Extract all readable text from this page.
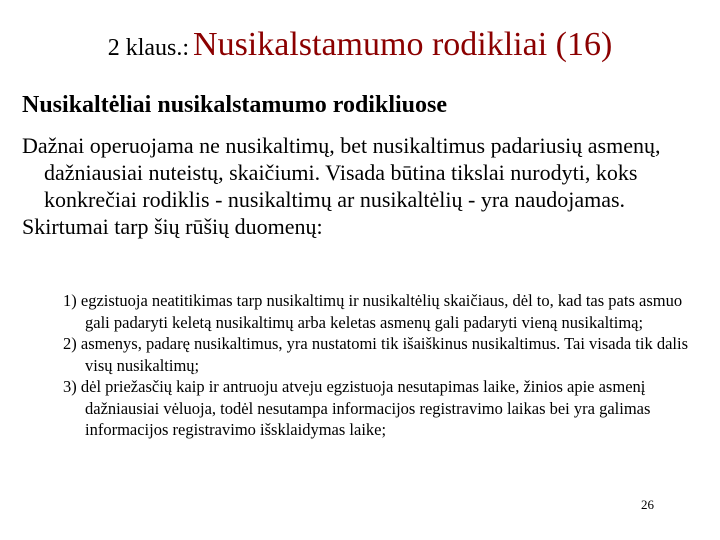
2 klaus.: Nusikalstamumo rodikliai (16)
Nusikaltėliai nusikalstamumo rodikliuose

Dažnai operuojama ne nusikaltimų, bet nusikaltimus padariusių asmenų, dažniausiai nuteistų, skaičiumi. Visada būtina tikslai nurodyti, koks konkrečiai rodiklis - nusikaltimų ar nusikaltėlių - yra naudojamas.

Skirtumai tarp šių rūšių duomenų:

1) egzistuoja neatitikimas tarp nusikaltimų ir nusikaltėlių skaičiaus, dėl to, kad tas pats asmuo gali padaryti keletą nusikaltimų arba keletas asmenų gali padaryti vieną nusikaltimą;

2) asmenys, padarę nusikaltimus, yra nustatomi tik išaiškinus nusikaltimus. Tai visada tik dalis visų nusikaltimų;

3) dėl priežasčių kaip ir antruoju atveju egzistuoja nesutapimas laike, žinios apie asmenį dažniausiai vėluoja, todėl nesutampa informacijos registravimo laikas bei yra galimas informacijos registravimo išsklaidymas laike;

26
